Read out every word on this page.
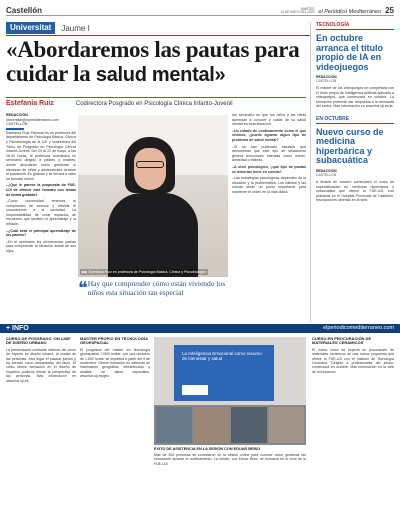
Castellón	MARTES
12 DE MAYO DEL 2020 el Periódico Mediterráneo 25
Universitat	Jaume I
«Abordaremos las pautas para cuidar la salud mental»
Estefanía Ruiz	Codirectora Posgrado en Psicología Clínica Infanto-Juvenil
REDACCIÓN
universitat@epmediterraneo.com
CASTELLÓN

Estefanía Ruiz Palomar es es profesora del departamento de Psicología Básica, Clínica y Psicobiología de la UJI y codirectora del Título de Posgrado en Psicología Clínica Infanto-Juvenil. Del 20 al 22 de mayo, a las 18.00 horas, la profesora coordinará un seminario dirigido a padres y madres, donde abordarán cómo gestionar el bienestar de niños y adolescentes durante la pandemia. Es gratuito y se llevará a cabo en formato online.

–¿Qué le parece la propuesta de FUE-UJI de ofrecer este formato con temas de forma gratuita?

–Como universidad tenemos el compromiso de acercar y difundir el conocimiento a la sociedad. La responsabilidad de crear espacios de encuentro que faciliten el aprendizaje y la difusión.

–¿Cuál será el principal aprendizaje de los padres?

–En el seminario les ofreceremos pautas para comprender la situación actual de sus hijos.

▶▶ Estefanía Ruiz es profesora de Psicología Básica, Clínica y Psicobiología.
❝ Hay que comprender cómo están viviendo los niños esta situación tan especial

del seminario es que los niños y las niñas aprendan a conocer y cuidar de su salud mental en esta situación.

–Un estado de confinamiento como el que vivimos, ¿puede agravar algún tipo de problema de salud mental?

–Si se han publicado estudios que demuestran que este tipo de situaciones genera emociones intensas como miedo, ansiedad o tristeza.

–A nivel psicológico, ¿qué tipo de pautas se deberían tener en cuenta?

–Las estrategias psicológicas dependen de la situación y la problemática. Los hábitos y las rutinas serán un punto importante para mantener el orden en la vida diaria.

TECNOLOGÍA
En octubre arranca el título propio de IA en videojuegos
REDACCIÓN
CASTELLÓN
El máster de los videojuegos se completará con el título propio de Inteligencia Artificial aplicada a videojuegos, que comenzará en octubre. La formación pretende dar respuesta a la demanda del sector. Más información en www.fue.uji.es/ia.
EN OCTUBRE
Nuevo curso de medicina hiperbárica y subacuática
REDACCIÓN
CASTELLÓN
A finales de octubre comenzará el curso de especialización en medicina hiperbárica y subacuática que ofrece la FUE-UJI, con prácticas en el Hospital Provincial de Castellón. Inscripciones abiertas en la web.
+ INFO	elperiodicomediterraneo.com
CURSO DE POSGRADO ‘ON LINE’ DE DISEÑO URBANO

La presentación mediante webinar del curso de experto en diseño urbano, la ciudad de las personas, tuvo lugar el pasado jueves y ha servido como lanzamiento del título. El curso ofrece formación en el diseño de espacios públicos desde la perspectiva de las personas. Más información en www.fue.uji.es.

MÁSTER PROPIO EN TECNOLOGÍA GEOESPACIAL

El programa del máster en tecnología geoespacial, 100% online, con una duración de 1.500 horas, se impartirá a partir del 9 de noviembre. Ofrece formación en sistemas de información geográfica, teledetección y análisis de datos espaciales. www.fue.uji.es/geo.

La Inteligencia Emocional como recurso de bienestar y salud
ÉXITO DE ASISTENCIA EN LA SESIÓN CON EDUAR BRISO
Más de 300 personas se conectaron en la sesión online para conocer cómo gestionar las emociones durante el confinamiento. La sesión, con Eduar Briso, se enmarca en el ciclo de la FUE-UJI.
CURSO EN PROCURACIÓN DE MATERIALES CERÁMICOS

El nuevo curso de experto en procuración de materiales cerámicos es una nueva propuesta que ofrece la FUE-UJI con el Instituto de Tecnología Cerámica. Dirigido a profesionales del sector, comenzará en octubre. Más información en la web de la fundación.
